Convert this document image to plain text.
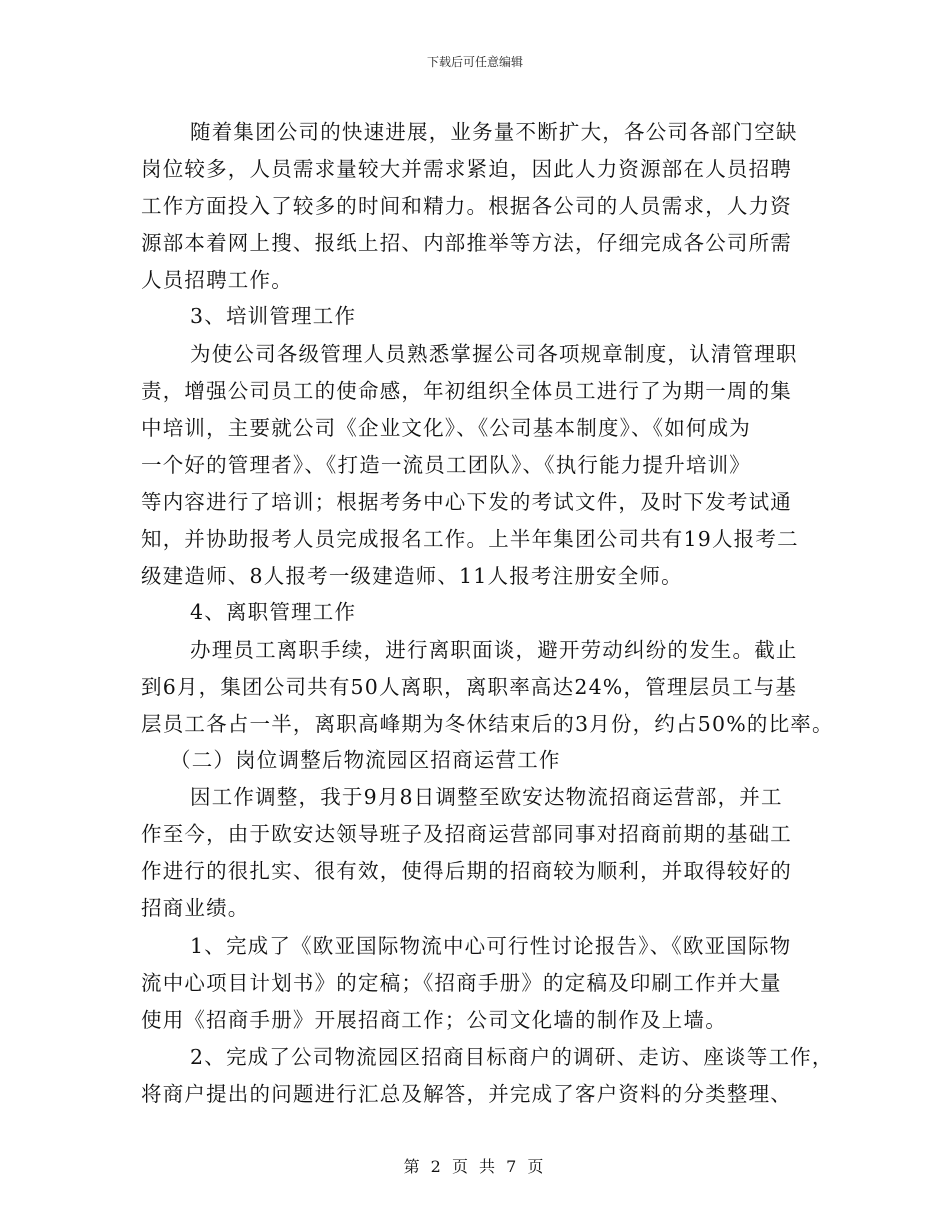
下载后可任意编辑
随着集团公司的快速进展，业务量不断扩大，各公司各部门空缺
岗位较多，人员需求量较大并需求紧迫，因此人力资源部在人员招聘
工作方面投入了较多的时间和精力。根据各公司的人员需求，人力资
源部本着网上搜、报纸上招、内部推举等方法，仔细完成各公司所需
人员招聘工作。
3、培训管理工作
为使公司各级管理人员熟悉掌握公司各项规章制度，认清管理职
责，增强公司员工的使命感，年初组织全体员工进行了为期一周的集
中培训，主要就公司《企业文化》、《公司基本制度》、《如何成为
一个好的管理者》、《打造一流员工团队》、《执行能力提升培训》
等内容进行了培训；根据考务中心下发的考试文件，及时下发考试通
知，并协助报考人员完成报名工作。上半年集团公司共有19人报考二
级建造师、8人报考一级建造师、11人报考注册安全师。
4、离职管理工作
办理员工离职手续，进行离职面谈，避开劳动纠纷的发生。截止
到6月，集团公司共有50人离职，离职率高达24%，管理层员工与基
层员工各占一半，离职高峰期为冬休结束后的3月份，约占50%的比率。
（二）岗位调整后物流园区招商运营工作
因工作调整，我于9月8日调整至欧安达物流招商运营部，并工
作至今，由于欧安达领导班子及招商运营部同事对招商前期的基础工
作进行的很扎实、很有效，使得后期的招商较为顺利，并取得较好的
招商业绩。
1、完成了《欧亚国际物流中心可行性讨论报告》、《欧亚国际物
流中心项目计划书》的定稿；《招商手册》的定稿及印刷工作并大量
使用《招商手册》开展招商工作；公司文化墙的制作及上墙。
2、完成了公司物流园区招商目标商户的调研、走访、座谈等工作，
将商户提出的问题进行汇总及解答，并完成了客户资料的分类整理、
第 2 页 共 7 页
